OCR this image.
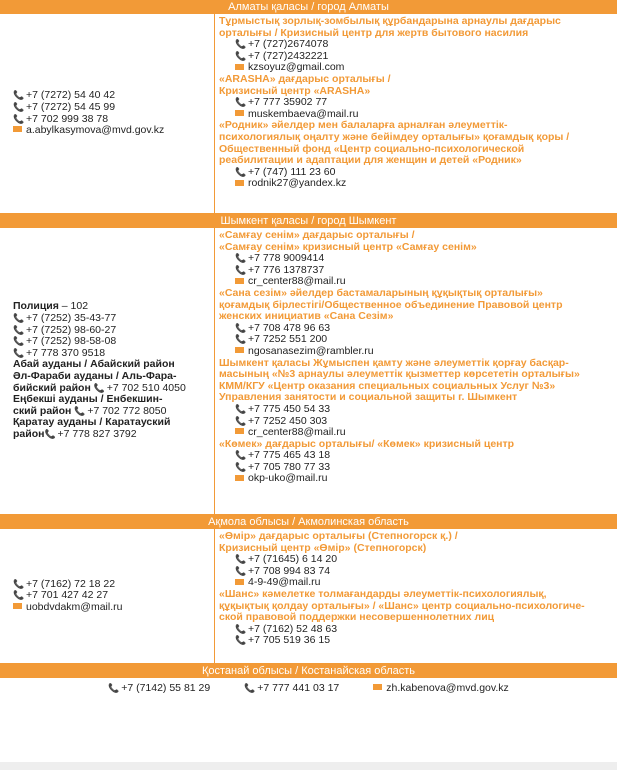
Алматы қаласы / город Алматы
📞 +7 (7272) 54 40 42
📞 +7 (7272) 54 45 99
📞 +7 702 999 38 78
a.abylkasymova@mvd.gov.kz
Тұрмыстық зорлық-зомбылық құрбандарына арнаулы дағдарыс
орталығы / Кризисный центр для жертв бытового насилия
📞 +7 (727)2674078
📞 +7 (727)2432221
kzsoyuz@gmail.com
«ARASHA» дағдарыс орталығы /
Кризисный центр «ARASHA»
📞 +7 777 35902 77
muskembaeva@mail.ru
«Родник» әйелдер мен балаларға арналған әлеуметтік-
психологиялық оңалту және бейімдеу орталығы» қоғамдық қоры /
Общественный фонд «Центр социально-психологической
реабилитации и адаптации для женщин и детей «Родник»
📞 +7 (747) 111 23 60
rodnik27@yandex.kz
Шымкент қаласы / город Шымкент
Полиция – 102
📞 +7 (7252) 35-43-77
📞 +7 (7252) 98-60-27
📞 +7 (7252) 98-58-08
📞 +7 778 370 9518
Абай ауданы / Абайский район
Әл-Фараби ауданы / Аль-Фара-
бийский район 📞 +7 702 510 4050
Еңбекші ауданы / Енбекшин-
ский район 📞 +7 702 772 8050
Қаратау ауданы / Каратауский
район📞 +7 778 827 3792
«Самғау сенім» дағдарыс орталығы /
«Самғау сенім» кризисный центр «Самғау сенім»
📞 +7 778 9009414
📞 +7 776 1378737
cr_center88@mail.ru
«Сана сезім» әйелдер бастамаларының құқықтық орталығы»
қоғамдық бірлестігі/Общественное объединение Правовой центр
женских инициатив «Сана Сезім»
📞 +7 708 478 96 63
📞 +7 7252 551 200
ngosanasezim@rambler.ru
Шымкент қаласы Жұмыспен қамту және әлеуметтік қорғау басқар-
масының «№3 арнаулы әлеуметтік қызметтер көрсететін орталығы»
КММ/КГУ «Центр оказания специальных социальных Услуг №3»
Управления занятости и социальной защиты г. Шымкент
📞 +7 775 450 54 33
📞 +7 7252 450 303
cr_center88@mail.ru
«Көмек» дағдарыс орталығы/ «Көмек» кризисный центр
📞 +7 775 465 43 18
📞 +7 705 780 77 33
okp-uko@mail.ru
Ақмола облысы / Акмолинская область
📞 +7 (7162) 72 18 22
📞 +7 701 427 42 27
uobdvdakm@mail.ru
«Өмір» дағдарыс орталығы (Степногорск қ.) /
Кризисный центр «Өмір» (Степногорск)
📞 +7 (71645) 6 14 20
📞 +7 708 994 83 74
4-9-49@mail.ru
«Шанс» кәмелетке толмағандарды әлеуметтік-психологиялық,
құқықтық қолдау орталығы» / «Шанс» центр социально-психологиче-
ской правовой поддержки несовершеннолетних лиц
📞 +7 (7162) 52 48 63
📞 +7 705 519 36 15
Қостанай облысы / Костанайская область
📞 +7 (7142) 55 81 29	📞 +7 777 441 03 17	zh.kabenova@mvd.gov.kz
